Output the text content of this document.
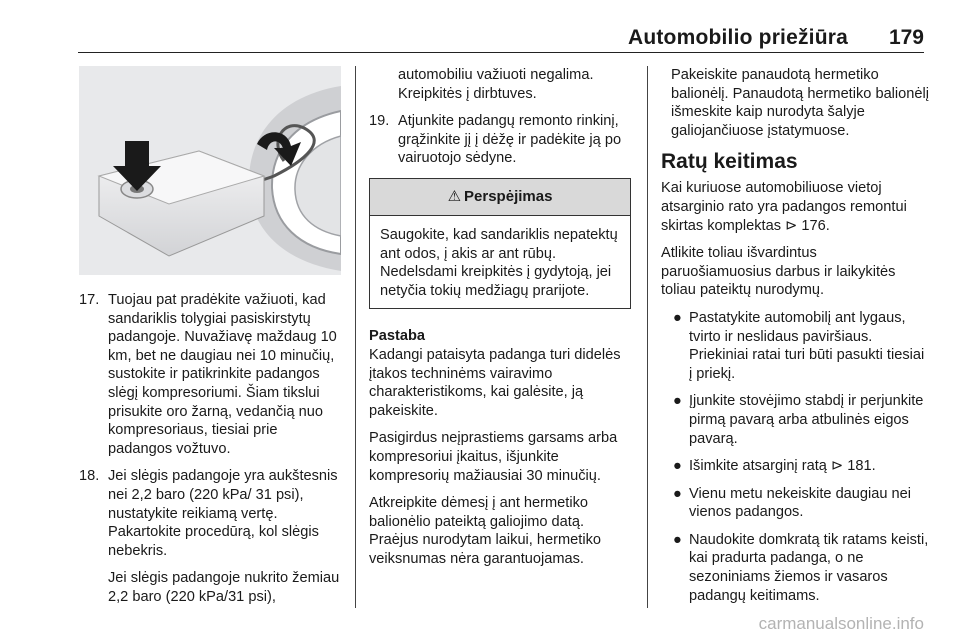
Automobilio priežiūra 179
17. Tuojau pat pradėkite važiuoti, kad sandariklis tolygiai pasiskirstytų padangoje. Nuvažiavę maždaug 10 km, bet ne daugiau nei 10 minučių, sustokite ir patikrinkite padangos slėgį kompresoriumi. Šiam tikslui prisukite oro žarną, vedančią nuo kompresoriaus, tiesiai prie padangos vožtuvo.
18. Jei slėgis padangoje yra aukštesnis nei 2,2 baro (220 kPa/ 31 psi), nustatykite reikiamą vertę. Pakartokite procedūrą, kol slėgis nebekris.

Jei slėgis padangoje nukrito žemiau 2,2 baro (220 kPa/31 psi),

automobiliu važiuoti negalima. Kreipkitės į dirbtuves.

19. Atjunkite padangų remonto rinkinį, grąžinkite jį į dėžę ir padėkite ją po vairuotojo sėdyne.
⚠ Perspėjimas
Saugokite, kad sandariklis nepatektų ant odos, į akis ar ant rūbų. Nedelsdami kreipkitės į gydytoją, jei netyčia tokių medžiagų prarijote.

Pastaba

Kadangi pataisyta padanga turi didelės įtakos techninėms vairavimo charakteristikoms, kai galėsite, ją pakeiskite.

Pasigirdus neįprastiems garsams arba kompresoriui įkaitus, išjunkite kompresorių mažiausiai 30 minučių.

Atkreipkite dėmesį į ant hermetiko balionėlio pateiktą galiojimo datą. Praėjus nurodytam laikui, hermetiko veiksnumas nėra garantuojamas.

Pakeiskite panaudotą hermetiko balionėlį. Panaudotą hermetiko balionėlį išmeskite kaip nurodyta šalyje galiojančiuose įstatymuose.

Ratų keitimas

Kai kuriuose automobiliuose vietoj atsarginio rato yra padangos remontui skirtas komplektas ⊳ 176.

Atlikite toliau išvardintus paruošiamuosius darbus ir laikykitės toliau pateiktų nurodymų.

● Pastatykite automobilį ant lygaus, tvirto ir neslidaus paviršiaus. Priekiniai ratai turi būti pasukti tiesiai į priekį.
● Įjunkite stovėjimo stabdį ir perjunkite pirmą pavarą arba atbulinės eigos pavarą.
● Išimkite atsarginį ratą ⊳ 181.
● Vienu metu nekeiskite daugiau nei vienos padangos.
● Naudokite domkratą tik ratams keisti, kai pradurta padanga, o ne sezoniniams žiemos ir vasaros padangų keitimams.
carmanualsonline.info
